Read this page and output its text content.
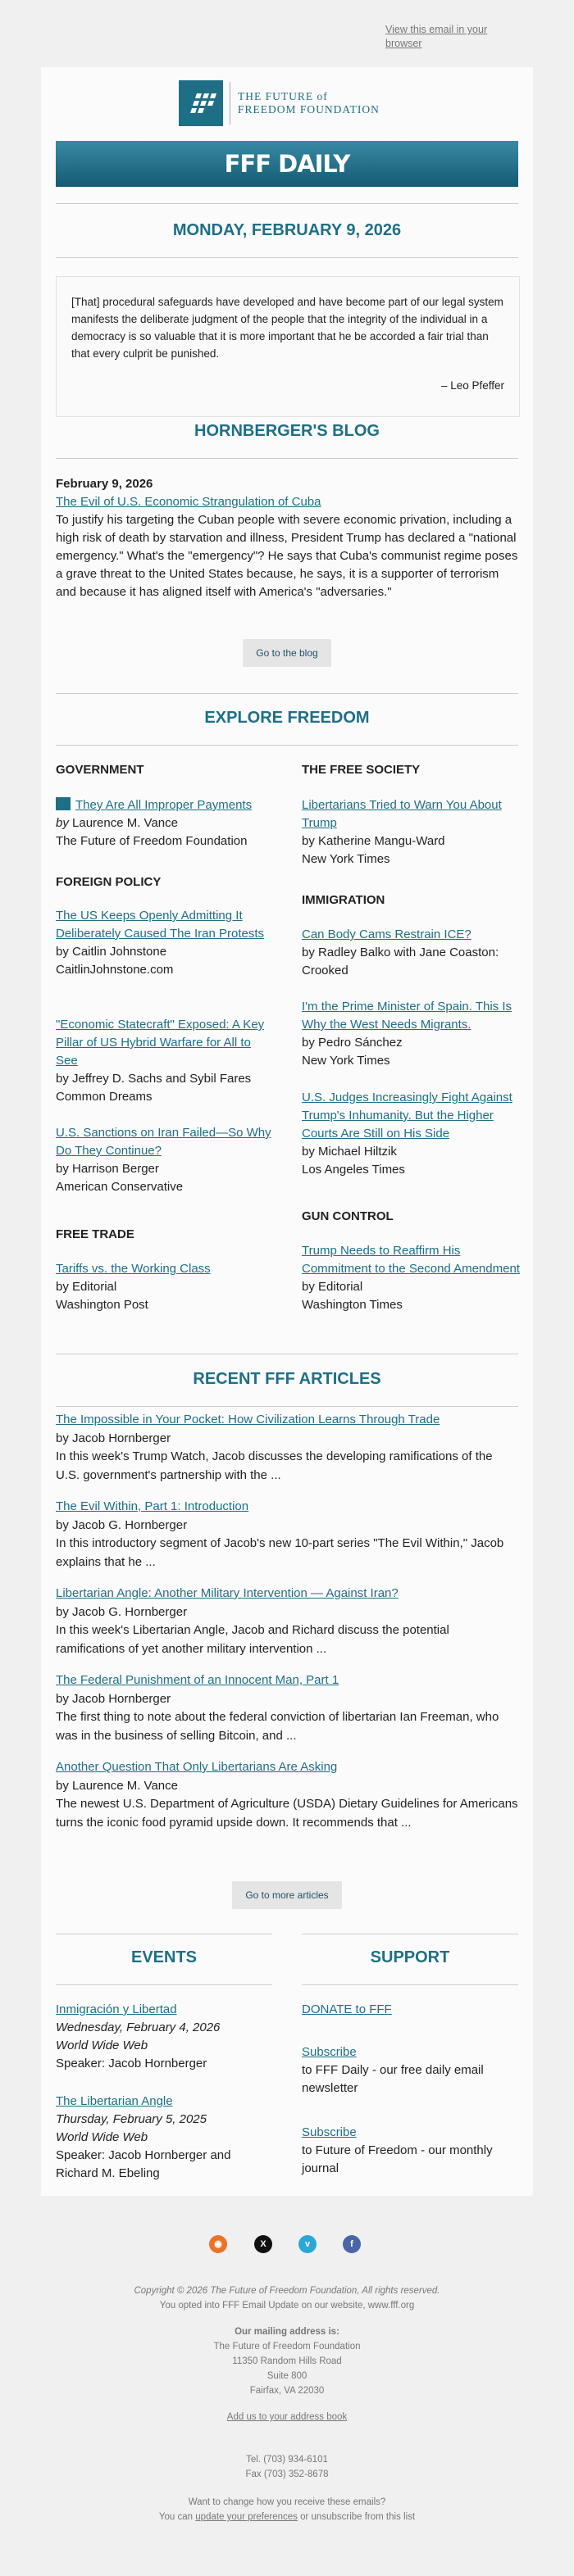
View this email in your browser
THE FUTURE of
FREEDOM FOUNDATION
FFF DAILY
MONDAY, FEBRUARY 9, 2026

[That] procedural safeguards have developed and have become part of our legal system manifests the deliberate judgment of the people that the integrity of the individual in a democracy is so valuable that it is more important that he be accorded a fair trial than that every culprit be punished.

– Leo Pfeffer
HORNBERGER'S BLOG
February 9, 2026
The Evil of U.S. Economic Strangulation of Cuba
To justify his targeting the Cuban people with severe economic privation, including a high risk of death by starvation and illness, President Trump has declared a "national emergency." What's the "emergency"? He says that Cuba's communist regime poses a grave threat to the United States because, he says, it is a supporter of terrorism and because it has aligned itself with America's "adversaries."
Go to the blog
EXPLORE FREEDOM
GOVERNMENT
They Are All Improper Payments
by Laurence M. Vance
The Future of Freedom Foundation
FOREIGN POLICY
The US Keeps Openly Admitting It Deliberately Caused The Iran Protests
by Caitlin Johnstone
CaitlinJohnstone.com
"Economic Statecraft" Exposed: A Key Pillar of US Hybrid Warfare for All to See
by Jeffrey D. Sachs and Sybil Fares
Common Dreams
U.S. Sanctions on Iran Failed—So Why Do They Continue?
by Harrison Berger
American Conservative
FREE TRADE
Tariffs vs. the Working Class
by Editorial
Washington Post
THE FREE SOCIETY
Libertarians Tried to Warn You About Trump
by Katherine Mangu-Ward
New York Times
IMMIGRATION
Can Body Cams Restrain ICE?
by Radley Balko with Jane Coaston: Crooked
I'm the Prime Minister of Spain. This Is Why the West Needs Migrants.
by Pedro Sánchez
New York Times
U.S. Judges Increasingly Fight Against Trump's Inhumanity. But the Higher Courts Are Still on His Side
by Michael Hiltzik
Los Angeles Times
GUN CONTROL
Trump Needs to Reaffirm His Commitment to the Second Amendment
by Editorial
Washington Times
RECENT FFF ARTICLES
The Impossible in Your Pocket: How Civilization Learns Through Trade
by Jacob Hornberger
In this week's Trump Watch, Jacob discusses the developing ramifications of the U.S. government's partnership with the ...
The Evil Within, Part 1: Introduction
by Jacob G. Hornberger
In this introductory segment of Jacob's new 10-part series "The Evil Within," Jacob explains that he ...
Libertarian Angle: Another Military Intervention — Against Iran?
by Jacob G. Hornberger
In this week's Libertarian Angle, Jacob and Richard discuss the potential ramifications of yet another military intervention ...
The Federal Punishment of an Innocent Man, Part 1
by Jacob Hornberger
The first thing to note about the federal conviction of libertarian Ian Freeman, who was in the business of selling Bitcoin, and ...
Another Question That Only Libertarians Are Asking
by Laurence M. Vance
The newest U.S. Department of Agriculture (USDA) Dietary Guidelines for Americans turns the iconic food pyramid upside down. It recommends that ...
Go to more articles
EVENTS	SUPPORT
Inmigración y Libertad
Wednesday, February 4, 2026
World Wide Web
Speaker: Jacob Hornberger
The Libertarian Angle
Thursday, February 5, 2025
World Wide Web
Speaker: Jacob Hornberger and Richard M. Ebeling
DONATE to FFF
Subscribe
to FFF Daily - our free daily email newsletter
Subscribe
to Future of Freedom - our monthly journal
◉	X	v	f
Copyright © 2026 The Future of Freedom Foundation, All rights reserved.
You opted into FFF Email Update on our website, www.fff.org
Our mailing address is:
The Future of Freedom Foundation
11350 Random Hills Road
Suite 800
Fairfax, VA 22030
Add us to your address book
Tel. (703) 934-6101
Fax (703) 352-8678
Want to change how you receive these emails?
You can update your preferences or unsubscribe from this list
